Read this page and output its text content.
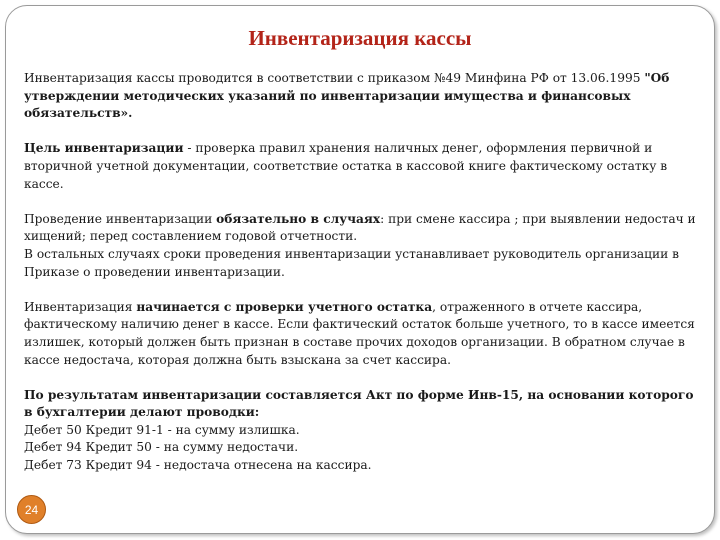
Инвентаризация кассы

Инвентаризация кассы проводится в соответствии с приказом №49 Минфина РФ от 13.06.1995 "Об утверждении методических указаний по инвентаризации имущества и финансовых обязательств».

Цель инвентаризации - проверка правил хранения наличных денег, оформления первичной и вторичной учетной документации, соответствие остатка в кассовой книге фактическому остатку в кассе.

Проведение инвентаризации обязательно в случаях: при смене кассира ; при выявлении недостач и хищений; перед составлением годовой отчетности.

В остальных случаях сроки проведения инвентаризации устанавливает руководитель организации в Приказе о проведении инвентаризации.

Инвентаризация начинается с проверки учетного остатка, отраженного в отчете кассира, фактическому наличию денег в кассе. Если фактический остаток больше учетного, то в кассе имеется излишек, который должен быть признан в составе прочих доходов организации. В обратном случае в кассе недостача, которая должна быть взыскана за счет кассира.

По результатам инвентаризации составляется Акт по форме Инв-15, на основании которого в бухгалтерии делают проводки:

Дебет 50 Кредит 91-1 - на сумму излишка.

Дебет 94 Кредит 50 - на сумму недостачи.

Дебет 73 Кредит 94 - недостача отнесена на кассира.

24
